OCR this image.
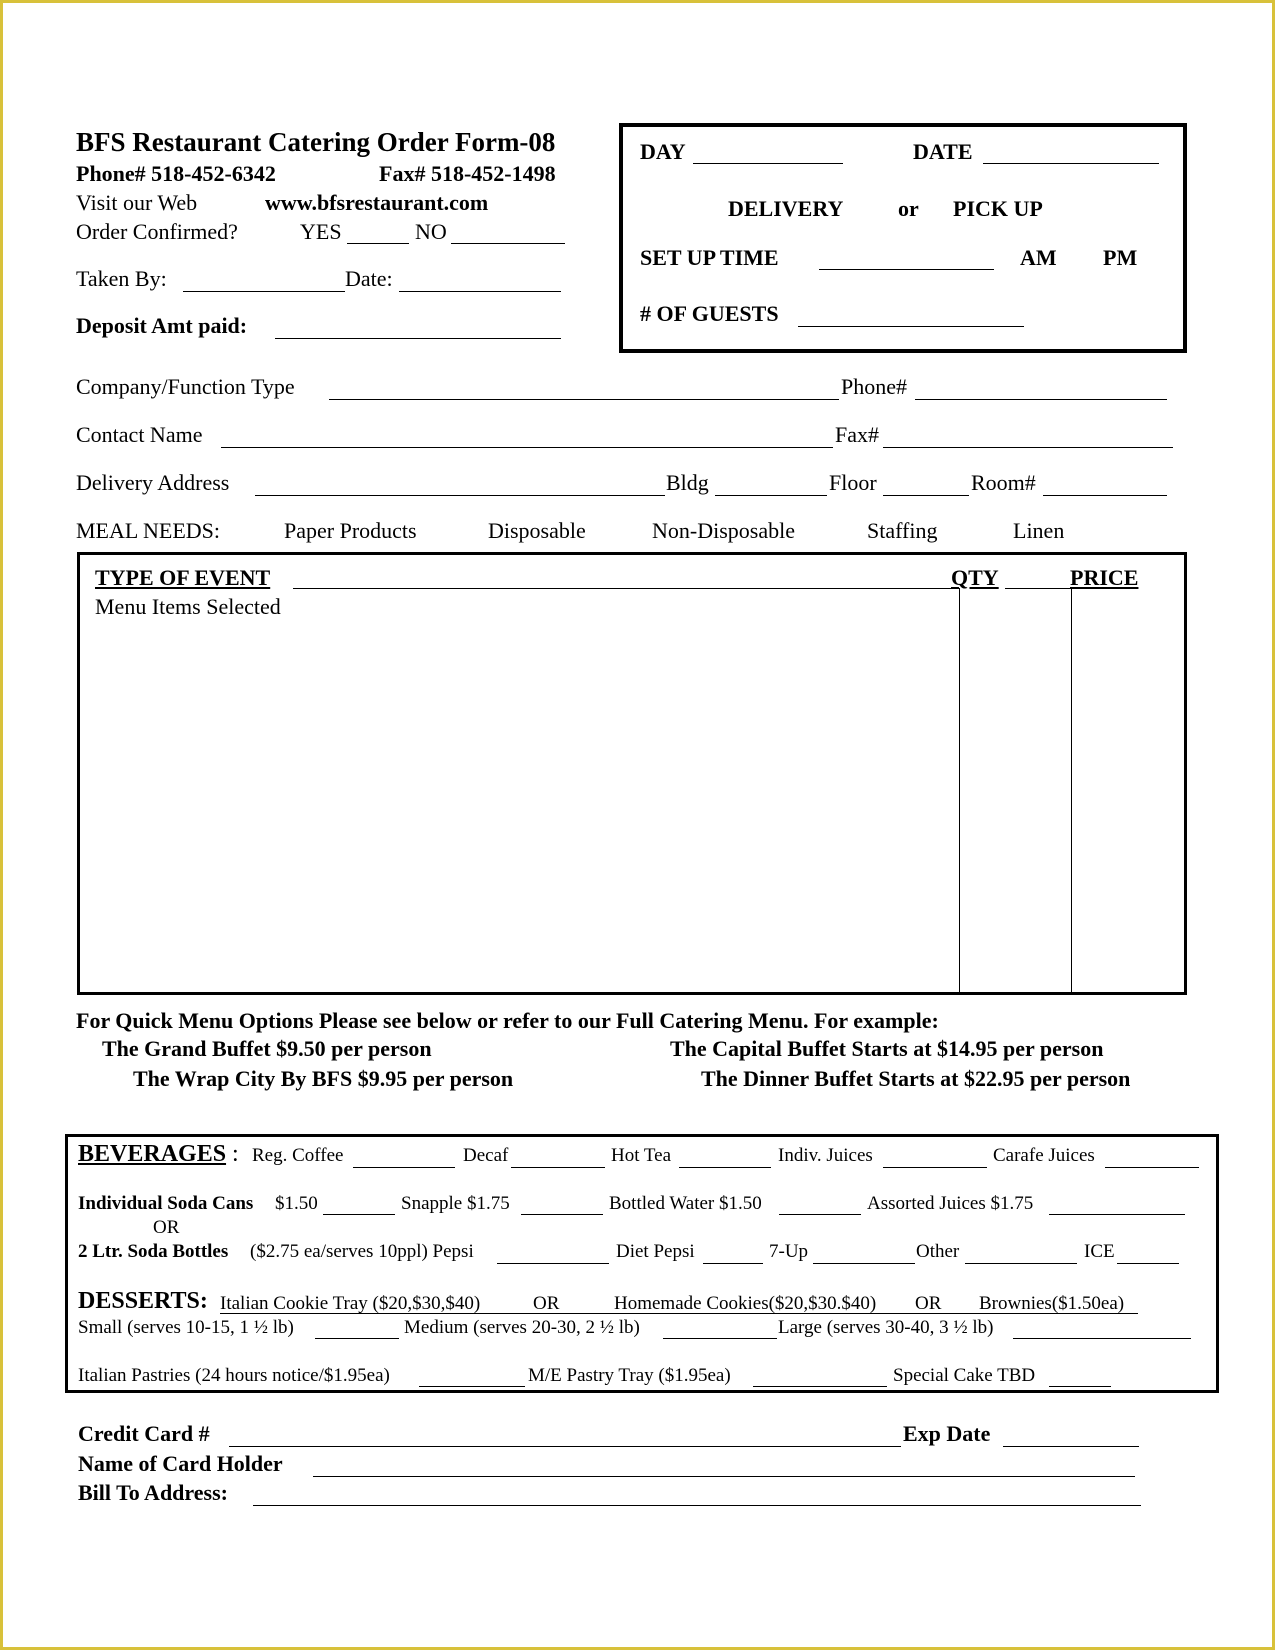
BFS Restaurant Catering Order Form-08
Phone# 518-452-6342	Fax# 518-452-1498
Visit our Web	www.bfsrestaurant.com
Order Confirmed?	YES	NO
Taken By:	Date:
Deposit Amt paid:
DAY	DATE
DELIVERY or PICK UP
SET UP TIME	AM PM
# OF GUESTS
Company/Function Type	Phone#
Contact Name	Fax#
Delivery Address	Bldg	Floor	Room#
MEAL NEEDS:	Paper Products	Disposable	Non-Disposable	Staffing	Linen
TYPE OF EVENT	QTY	PRICE
Menu Items Selected
For Quick Menu Options Please see below or refer to our Full Catering Menu. For example:
The Grand Buffet $9.50 per person	The Capital Buffet Starts at $14.95 per person
The Wrap City By BFS $9.95 per person	The Dinner Buffet Starts at $22.95 per person
BEVERAGES : Reg. Coffee	Decaf	Hot Tea	Indiv. Juices	Carafe Juices
Individual Soda Cans $1.50	Snapple $1.75	Bottled Water $1.50	Assorted Juices $1.75
OR
2 Ltr. Soda Bottles ($2.75 ea/serves 10ppl) Pepsi	Diet Pepsi	7-Up	Other	ICE
DESSERTS: Italian Cookie Tray ($20,$30,$40)	OR	Homemade Cookies($20,$30.$40) OR Brownies($1.50ea)
Small (serves 10-15, 1 ½ lb)	Medium (serves 20-30, 2 ½ lb)	Large (serves 30-40, 3 ½ lb)
Italian Pastries (24 hours notice/$1.95ea)	M/E Pastry Tray ($1.95ea)	Special Cake TBD
Credit Card #	Exp Date
Name of Card Holder
Bill To Address:
